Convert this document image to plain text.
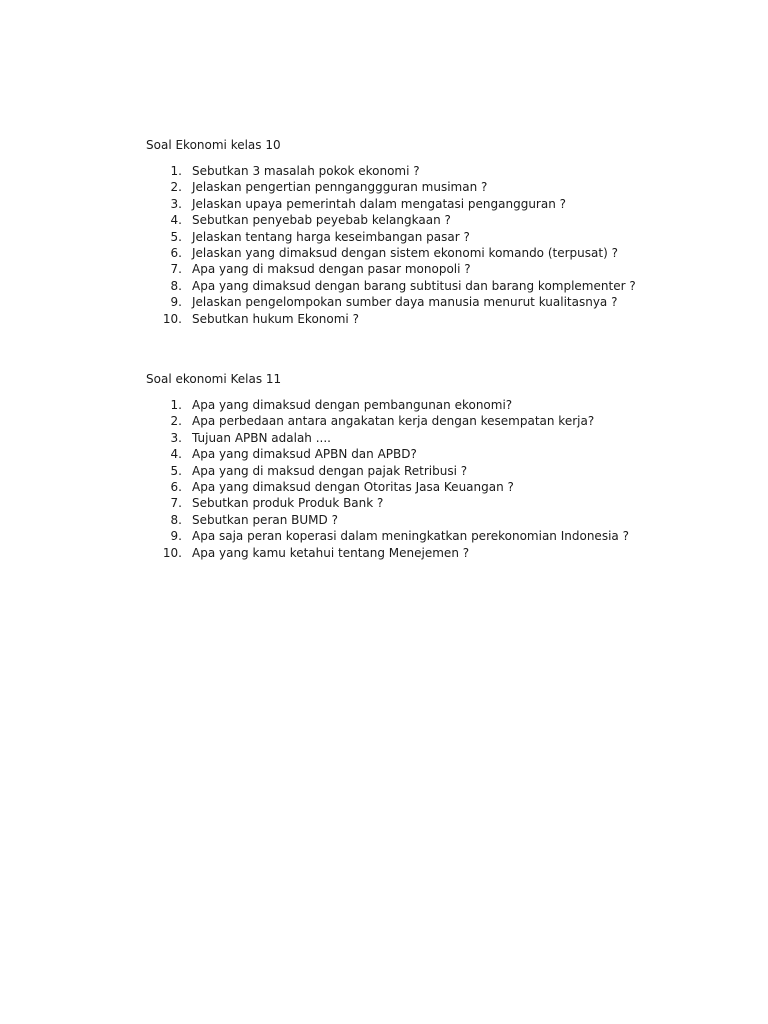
Soal Ekonomi kelas 10
1. Sebutkan 3 masalah pokok ekonomi ?
2. Jelaskan pengertian pennganggguran musiman ?
3. Jelaskan upaya pemerintah dalam mengatasi pengangguran ?
4. Sebutkan penyebab peyebab kelangkaan ?
5. Jelaskan tentang harga keseimbangan pasar ?
6. Jelaskan yang dimaksud dengan sistem ekonomi komando (terpusat) ?
7. Apa yang di maksud dengan pasar monopoli ?
8. Apa yang dimaksud dengan barang subtitusi dan barang komplementer ?
9. Jelaskan pengelompokan sumber daya manusia menurut kualitasnya ?
10. Sebutkan hukum Ekonomi ?
Soal ekonomi Kelas 11
1. Apa yang dimaksud dengan pembangunan ekonomi?
2. Apa perbedaan antara angakatan kerja dengan kesempatan kerja?
3. Tujuan APBN adalah ....
4. Apa yang dimaksud APBN dan APBD?
5. Apa yang di maksud dengan pajak Retribusi ?
6. Apa yang dimaksud dengan Otoritas Jasa Keuangan ?
7. Sebutkan produk Produk Bank ?
8. Sebutkan peran BUMD ?
9. Apa saja peran koperasi dalam meningkatkan perekonomian Indonesia ?
10. Apa yang kamu ketahui tentang Menejemen ?
